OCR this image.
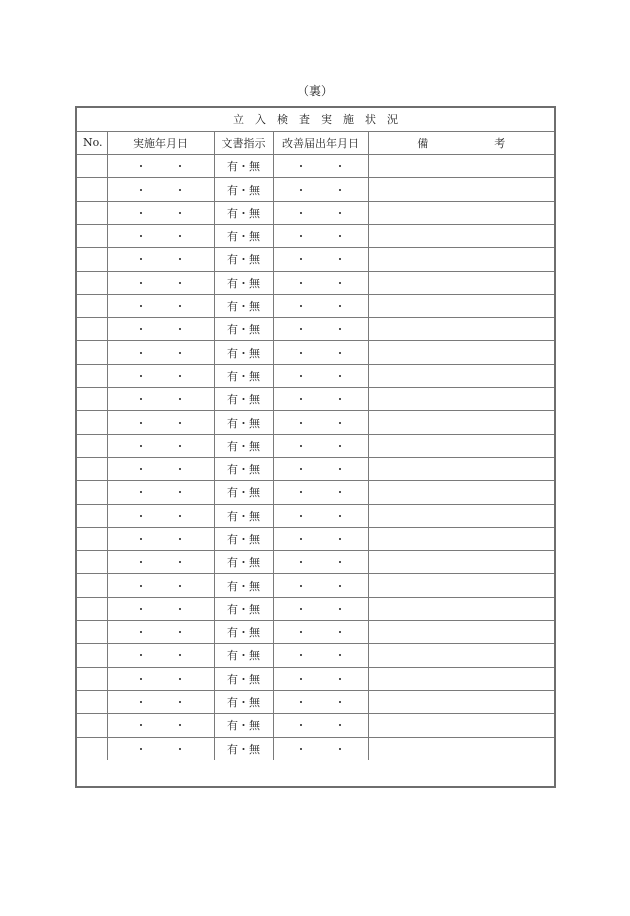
（裏）
立　入　検　査　実　施　状　況				
No.	実施年月日	文書指示	改善届出年月日	備 考
	・ ・	有・無	・ ・	
	・ ・	有・無	・ ・	
	・ ・	有・無	・ ・	
	・ ・	有・無	・ ・	
	・ ・	有・無	・ ・	
	・ ・	有・無	・ ・	
	・ ・	有・無	・ ・	
	・ ・	有・無	・ ・	
	・ ・	有・無	・ ・	
	・ ・	有・無	・ ・	
	・ ・	有・無	・ ・	
	・ ・	有・無	・ ・	
	・ ・	有・無	・ ・	
	・ ・	有・無	・ ・	
	・ ・	有・無	・ ・	
	・ ・	有・無	・ ・	
	・ ・	有・無	・ ・	
	・ ・	有・無	・ ・	
	・ ・	有・無	・ ・	
	・ ・	有・無	・ ・	
	・ ・	有・無	・ ・	
	・ ・	有・無	・ ・	
	・ ・	有・無	・ ・	
	・ ・	有・無	・ ・	
	・ ・	有・無	・ ・	
	・ ・	有・無	・ ・	
